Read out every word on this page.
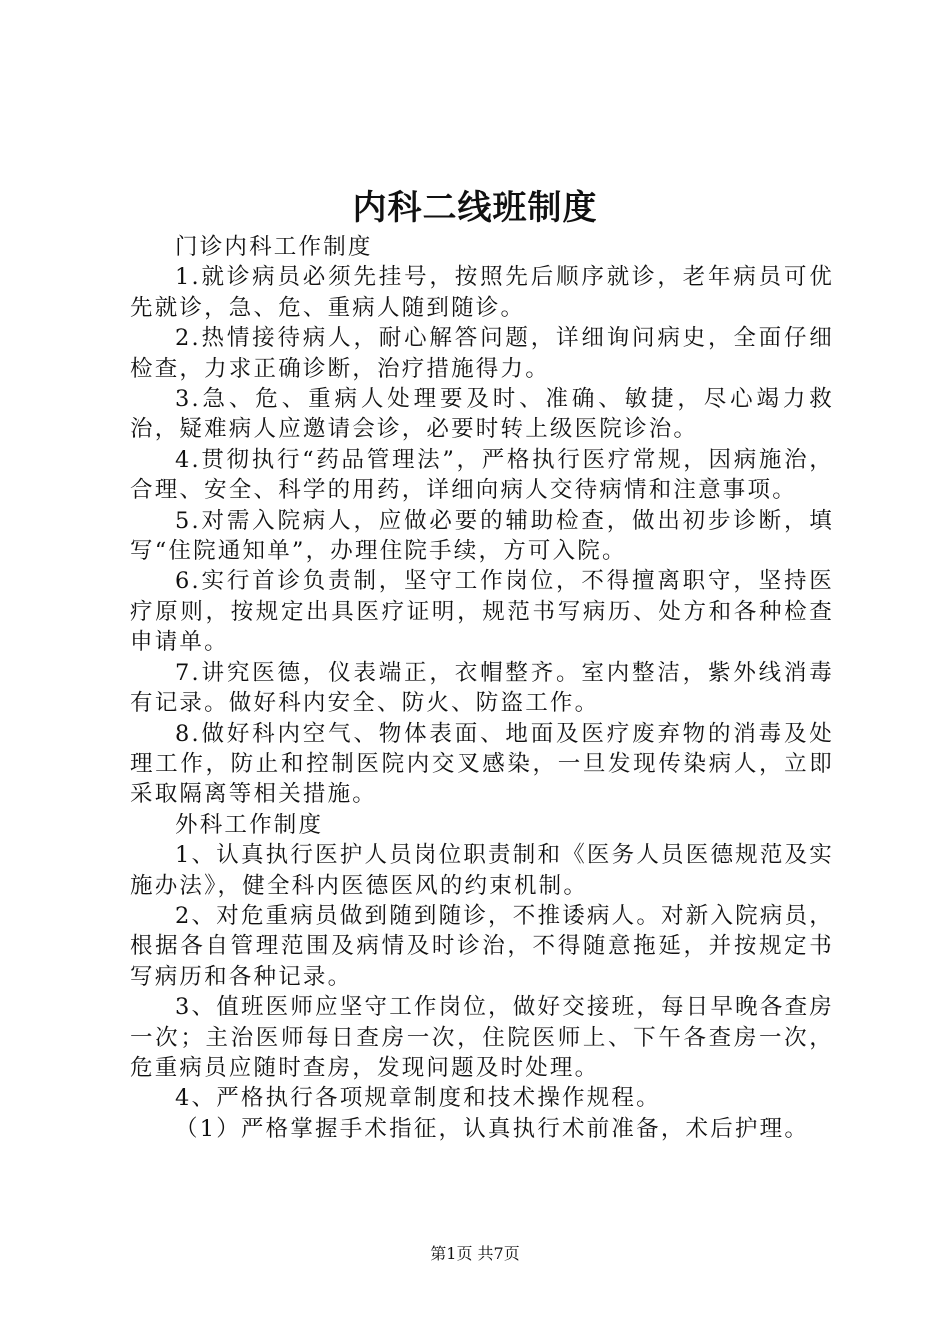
内科二线班制度

门诊内科工作制度

1.就诊病员必须先挂号，按照先后顺序就诊，老年病员可优先就诊，急、危、重病人随到随诊。

2.热情接待病人，耐心解答问题，详细询问病史，全面仔细检查，力求正确诊断，治疗措施得力。

3.急、危、重病人处理要及时、准确、敏捷，尽心竭力救治，疑难病人应邀请会诊，必要时转上级医院诊治。

4.贯彻执行“药品管理法”，严格执行医疗常规，因病施治，合理、安全、科学的用药，详细向病人交待病情和注意事项。

5.对需入院病人，应做必要的辅助检查，做出初步诊断，填写“住院通知单”，办理住院手续，方可入院。

6.实行首诊负责制，坚守工作岗位，不得擅离职守，坚持医疗原则，按规定出具医疗证明，规范书写病历、处方和各种检查申请单。

7.讲究医德，仪表端正，衣帽整齐。室内整洁，紫外线消毒有记录。做好科内安全、防火、防盗工作。

8.做好科内空气、物体表面、地面及医疗废弃物的消毒及处理工作，防止和控制医院内交叉感染，一旦发现传染病人，立即采取隔离等相关措施。

外科工作制度

1、认真执行医护人员岗位职责制和《医务人员医德规范及实施办法》，健全科内医德医风的约束机制。

2、对危重病员做到随到随诊，不推诿病人。对新入院病员，根据各自管理范围及病情及时诊治，不得随意拖延，并按规定书写病历和各种记录。

3、值班医师应坚守工作岗位，做好交接班，每日早晚各查房一次；主治医师每日查房一次，住院医师上、下午各查房一次，危重病员应随时查房，发现问题及时处理。

4、严格执行各项规章制度和技术操作规程。

（1）严格掌握手术指征，认真执行术前准备，术后护理。

第1页 共7页
